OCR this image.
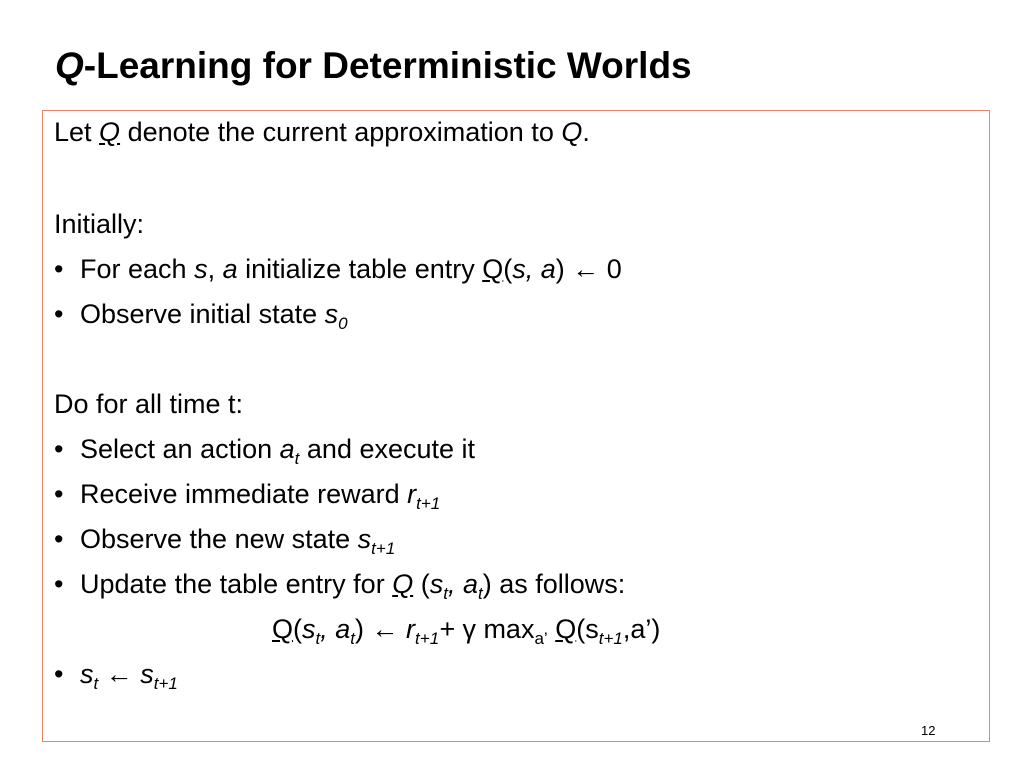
Q-Learning for Deterministic Worlds
Let Q denote the current approximation to Q.
Initially:
• For each s, a initialize table entry Q(s, a) ← 0
• Observe initial state $s_0$
Do for all time t:
• Select an action $a_t$ and execute it
• Receive immediate reward $r_{t+1}$
• Observe the new state $s_{t+1}$
• Update the table entry for Q ($s_t$, $a_t$) as follows:
$Q(s_t$, $a_t$) ← $r_{t+1}+ \gamma$ $\max_{a’}$ $Q(s_{t+1},a’)$
• $s_t$ ← $s_{t+1}$
12
